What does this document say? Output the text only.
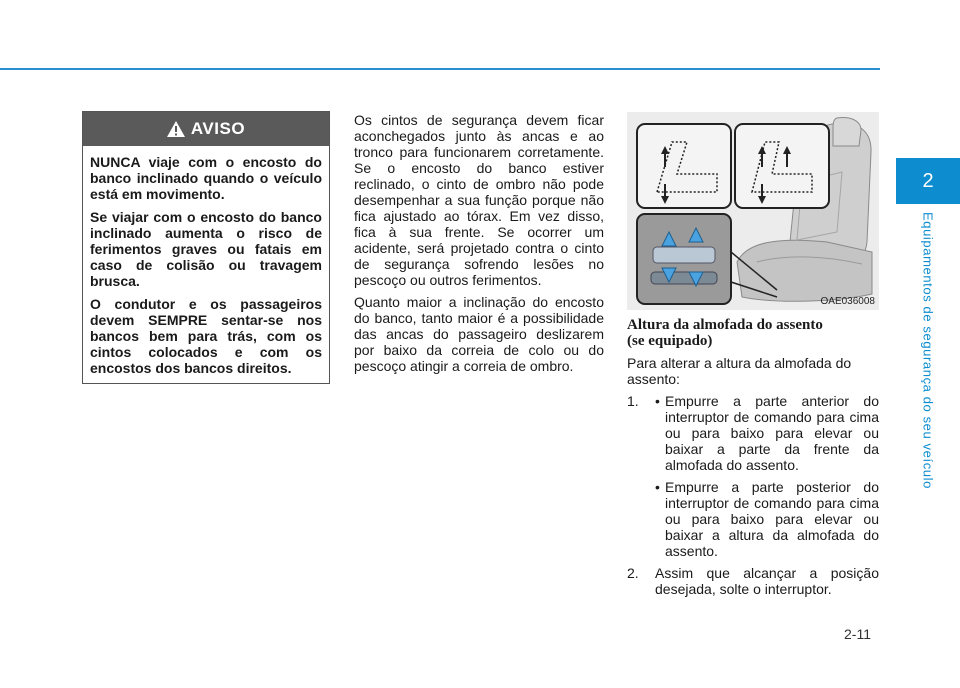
2
Equipamentos de segurança do seu veículo
AVISO

NUNCA viaje com o encosto do banco inclinado quando o veículo está em movimento.

Se viajar com o encosto do banco inclinado aumenta o risco de ferimentos graves ou fatais em caso de colisão ou travagem brusca.

O condutor e os passageiros devem SEMPRE sentar-se nos bancos bem para trás, com os cintos colocados e com os encostos dos bancos direitos.

Os cintos de segurança devem ficar aconchegados junto às ancas e ao tronco para funcionarem corretamente. Se o encosto do banco estiver reclinado, o cinto de ombro não pode desempenhar a sua função porque não fica ajustado ao tórax. Em vez disso, fica à sua frente. Se ocorrer um acidente, será projetado contra o cinto de segurança sofrendo lesões no pescoço ou outros ferimentos.

Quanto maior a inclinação do encosto do banco, tanto maior é a possibilidade das ancas do passageiro deslizarem por baixo da correia de colo ou do pescoço atingir a correia de ombro.

OAE036008
Altura da almofada do assento
(se equipado)

Para alterar a altura da almofada do assento:

1. • Empurre a parte anterior do interruptor de comando para cima ou para baixo para elevar ou baixar a parte da frente da almofada do assento.
• Empurre a parte posterior do interruptor de comando para cima ou para baixo para elevar ou baixar a altura da almofada do assento.
2. Assim que alcançar a posição desejada, solte o interruptor.
2-11
